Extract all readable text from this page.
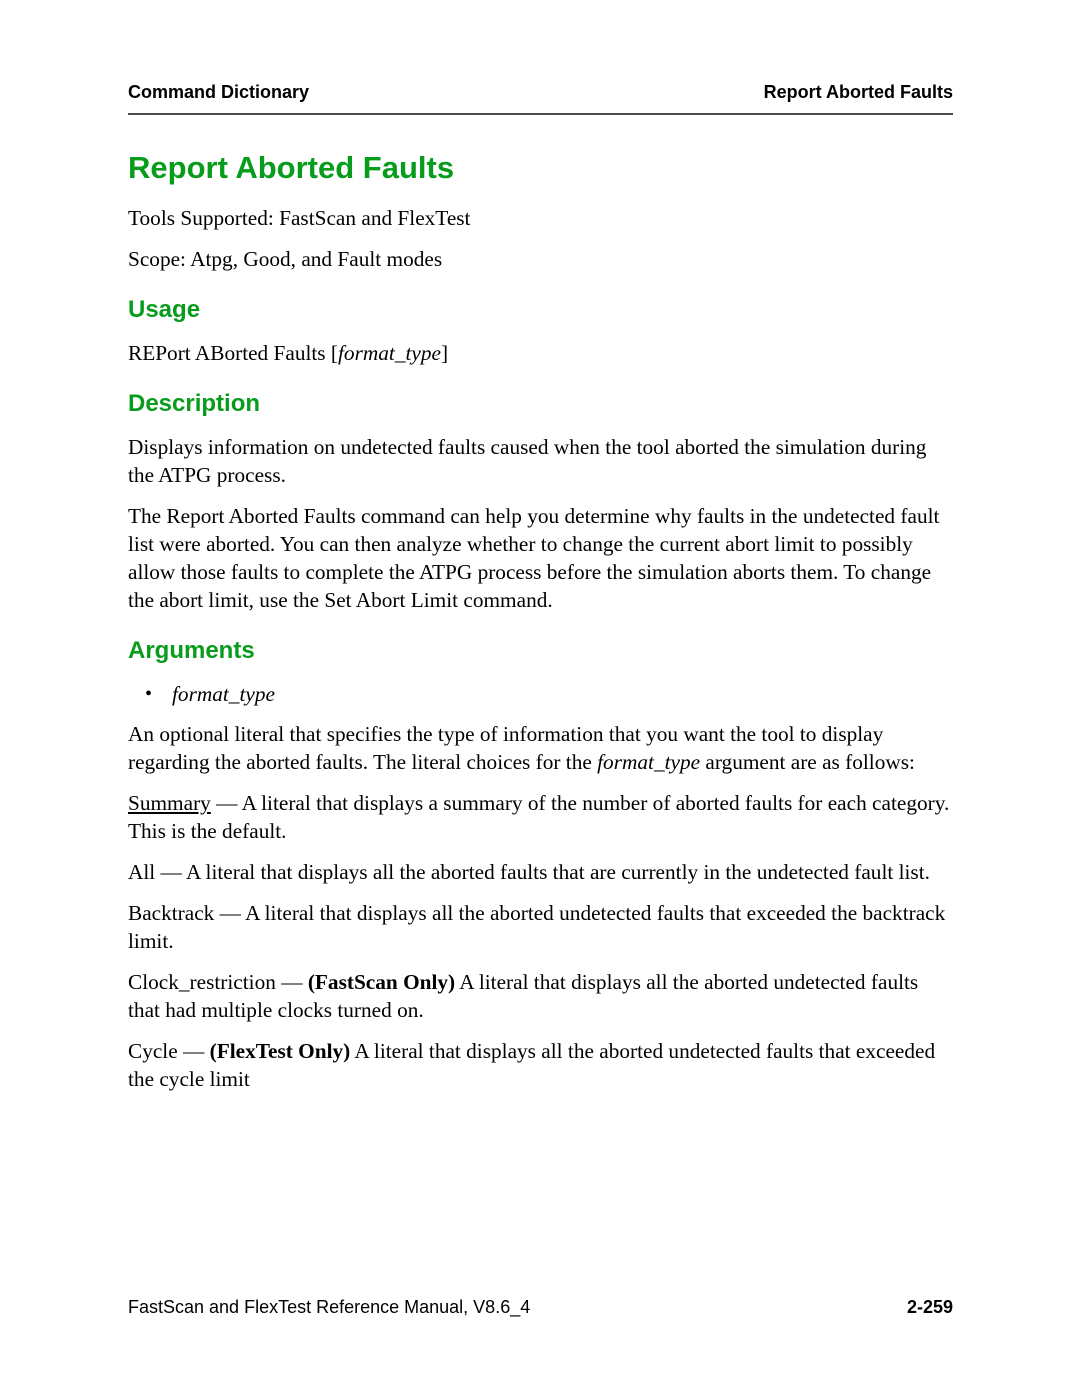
Command Dictionary	Report Aborted Faults
Report Aborted Faults

Tools Supported: FastScan and FlexTest

Scope: Atpg, Good, and Fault modes

Usage

REPort ABorted Faults [format_type]

Description

Displays information on undetected faults caused when the tool aborted the simulation during the ATPG process.

The Report Aborted Faults command can help you determine why faults in the undetected fault list were aborted. You can then analyze whether to change the current abort limit to possibly allow those faults to complete the ATPG process before the simulation aborts them. To change the abort limit, use the Set Abort Limit command.

Arguments
• format_type

An optional literal that specifies the type of information that you want the tool to display regarding the aborted faults. The literal choices for the format_type argument are as follows:

Summary — A literal that displays a summary of the number of aborted faults for each category. This is the default.

All — A literal that displays all the aborted faults that are currently in the undetected fault list.

Backtrack — A literal that displays all the aborted undetected faults that exceeded the backtrack limit.

Clock_restriction — (FastScan Only) A literal that displays all the aborted undetected faults that had multiple clocks turned on.

Cycle — (FlexTest Only) A literal that displays all the aborted undetected faults that exceeded the cycle limit

FastScan and FlexTest Reference Manual, V8.6_4	2-259
